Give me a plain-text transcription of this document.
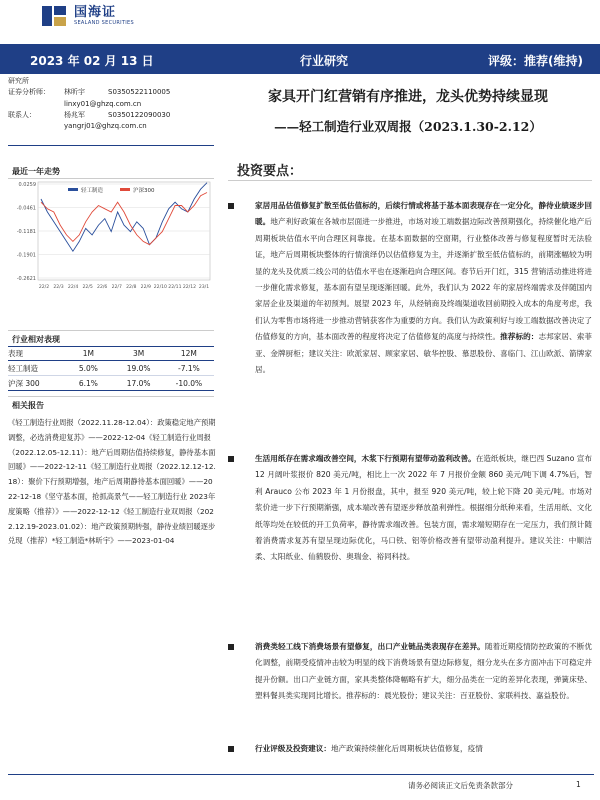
国海证
SEALAND SECURITIES
2023 年 02 月 13 日	行业研究	评级：推荐(维持)
研究所
证券分析师：	林昕宇	S0350522110005
linxy01@ghzq.com.cn
联系人：	杨兆军	S0350122090030
yangrj01@ghzq.com.cn
家具开门红营销有序推进，龙头优势持续显现
——轻工制造行业双周报（2023.1.30-2.12）
最近一年走势
0.0259
-0.0461
-0.1181
-0.1901
-0.2621
22/2 22/3 22/4 22/5 22/6 22/7 22/8 22/9 22/10 22/11 22/12 23/1
轻工制造	沪深300
行业相对表现
表现	1M	3M	12M
轻工制造	5.0%	19.0%	-7.1%
沪深 300	6.1%	17.0%	-10.0%
相关报告
《轻工制造行业周报（2022.11.28-12.04）：政策稳定地产预期调整，必选消费迎复苏》——2022-12-04《轻工制造行业周报（2022.12.05-12.11）：地产后周期估值持续修复，静待基本面回暖》——2022-12-11《轻工制造行业周报（2022.12.12-12.18）：聚价下行预期增强，地产后周期静待基本面回暖》——2022-12-18《坚守基本面，抢抓高景气——轻工制造行业 2023年度策略（推荐）》——2022-12-12《轻工制造行业双周报（2022.12.19-2023.01.02）：地产政策预期转强，静待业绩回暖逐步兑现（推荐）*轻工制造*林昕宇》——2023-01-04
投资要点：
家居用品估值修复扩散至低估值标的，后续行情或将基于基本面表现存在一定分化，静待业绩逐步回暖。地产利好政策在各城市层面进一步推进，市场对竣工端数据边际改善预期强化，持续催化地产后周期板块估值水平向合理区间靠拢。在基本面数据的空窗期，行业整体改善与修复程度暂时无法验证，地产后周期板块整体的行情演绎仍以估值修复为主，并逐渐扩散至低估值标的，前期涨幅较为明显的龙头及优质二线公司的估值水平也在逐渐趋向合理区间。春节后开门红，315 营销活动推进将进一步催化需求修复，基本面有望呈现逐渐回暖。此外，我们认为 2022 年的家居终端需求及伴随国内家居企业及渠道的年初预判。展望 2023 年，从经销商及终端渠道收回前期投入成本的角度考虑，我们认为零售市场将进一步推动营销获客作为重要的方向。我们认为政策利好与竣工端数据改善决定了估值修复的方向，基本面改善的程度将决定了估值修复的高度与持续性。推荐标的：志邦家居、索菲亚、金牌厨柜；建议关注：欧派家居、顾家家居、敏华控股、慕思股份、喜临门、江山欧派、箭牌家居。
生活用纸存在需求端改善空间，木浆下行预期有望带动盈利改善。在造纸板块，继巴西 Suzano 宣布 12 月阔叶浆报价 820 美元/吨，相比上一次 2022 年 7 月报价金额 860 美元/吨下调 4.7%后，智利 Arauco 公布 2023 年 1 月份报盘，其中，报至 920 美元/吨，较上轮下降 20 美元/吨。市场对浆价进一步下行预期渐强，成本端改善有望逐步释放盈利弹性。根据细分纸种来看，生活用纸、文化纸等均处在较低的开工负荷率，静待需求端改善。包装方面，需求端短期存在一定压力，我们预计随着消费需求复苏有望呈现边际优化，马口铁、铝等价格改善有望带动盈利提升。建议关注：中顺洁柔、太阳纸业、仙鹤股份、奥瑞金、裕同科技。
消费类轻工线下消费场景有望修复，出口产业链品类表现存在差异。随着近期疫情防控政策的不断优化调整，前期受疫情冲击较为明显的线下消费场景有望边际修复，细分龙头在多方面冲击下可稳定并提升份额。出口产业链方面，家具类整体降幅略有扩大，细分品类在一定的差异化表现，弹簧床垫、塑料餐具类实现同比增长。推荐标的：晨光股份；建议关注：百亚股份、家联科技、嘉益股份。
行业评级及投资建议：地产政策持续催化后周期板块估值修复，疫情
请务必阅读正文后免责条款部分	1
